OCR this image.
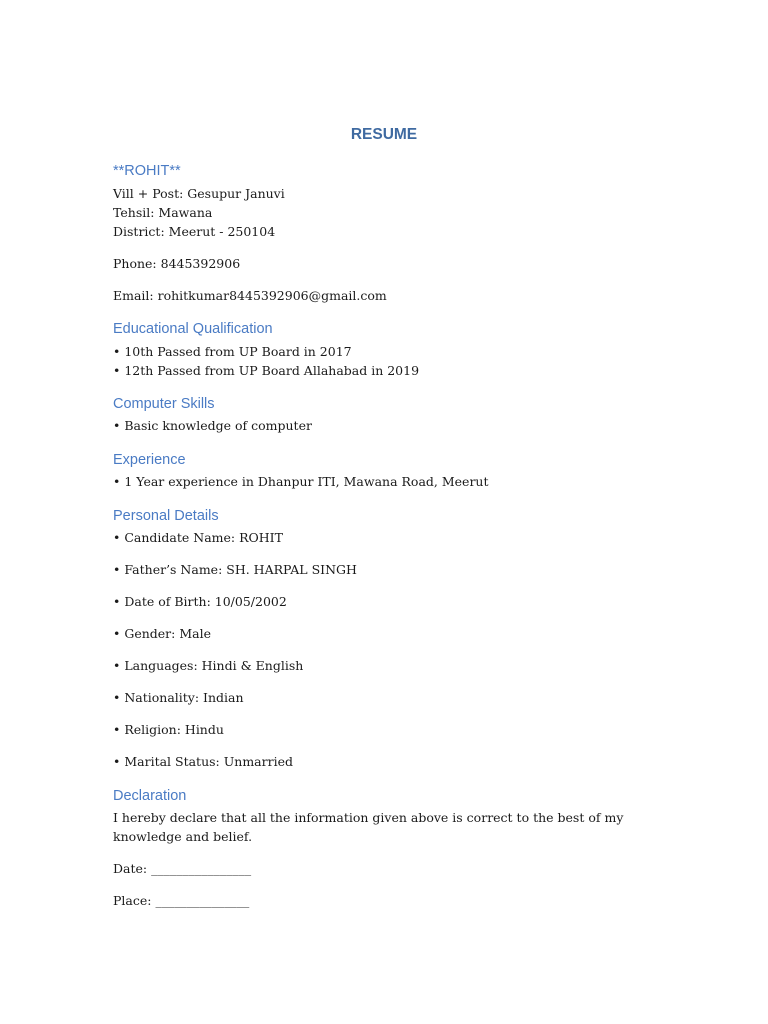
RESUME
**ROHIT**
Vill + Post: Gesupur Januvi
Tehsil: Mawana
District: Meerut - 250104
Phone: 8445392906
Email: rohitkumar8445392906@gmail.com
Educational Qualification
• 10th Passed from UP Board in 2017
• 12th Passed from UP Board Allahabad in 2019
Computer Skills
• Basic knowledge of computer
Experience
• 1 Year experience in Dhanpur ITI, Mawana Road, Meerut
Personal Details
• Candidate Name: ROHIT
• Father’s Name: SH. HARPAL SINGH
• Date of Birth: 10/05/2002
• Gender: Male
• Languages: Hindi & English
• Nationality: Indian
• Religion: Hindu
• Marital Status: Unmarried
Declaration
I hereby declare that all the information given above is correct to the best of my knowledge and belief.
Date: ________________
Place: _______________
